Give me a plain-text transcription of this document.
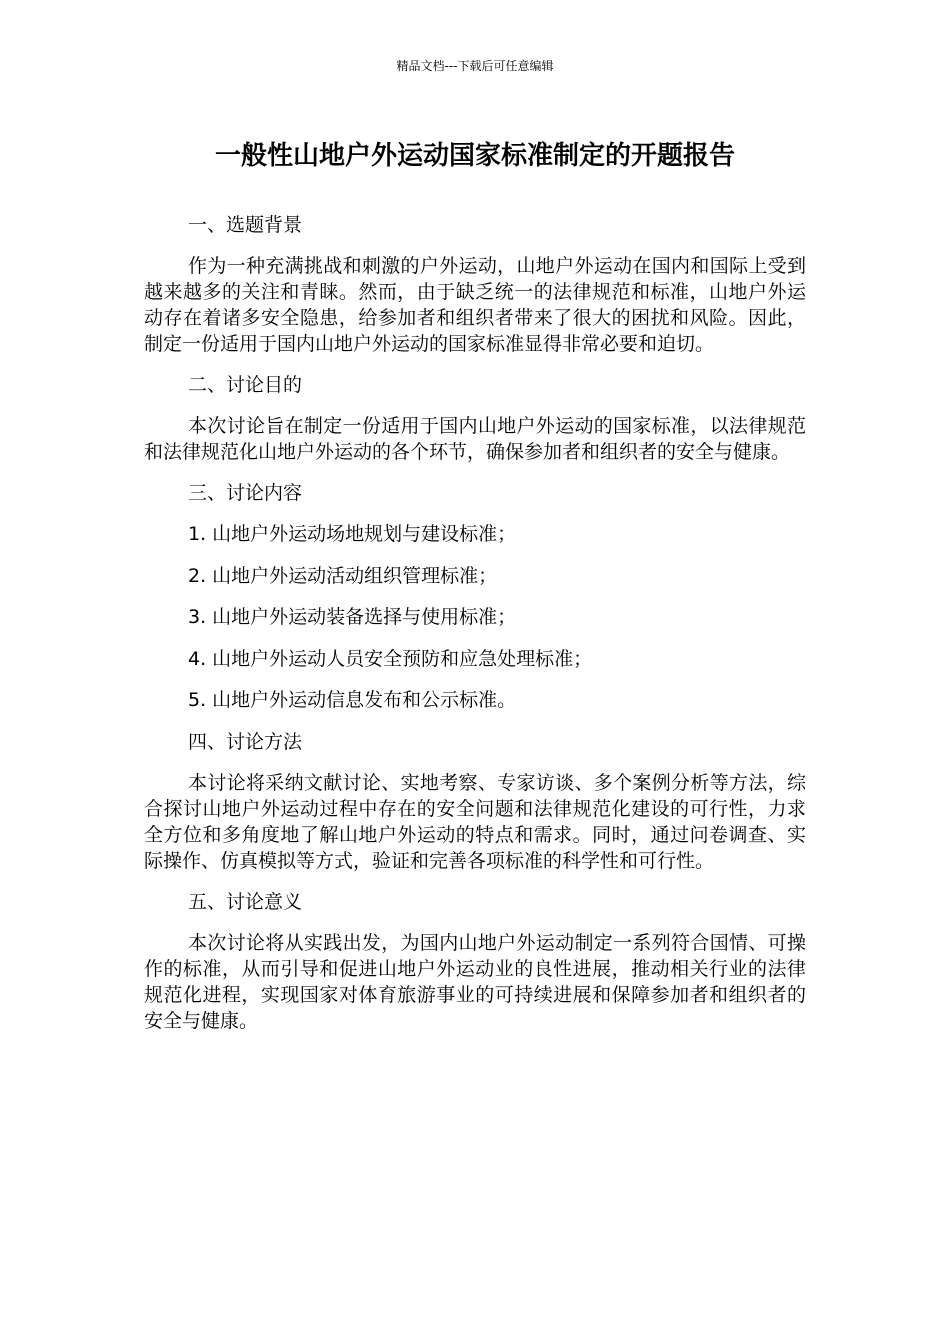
精品文档---下载后可任意编辑
一般性山地户外运动国家标准制定的开题报告

一、选题背景

作为一种充满挑战和刺激的户外运动，山地户外运动在国内和国际上受到越来越多的关注和青睐。然而，由于缺乏统一的法律规范和标准，山地户外运动存在着诸多安全隐患，给参加者和组织者带来了很大的困扰和风险。因此，制定一份适用于国内山地户外运动的国家标准显得非常必要和迫切。

二、讨论目的

本次讨论旨在制定一份适用于国内山地户外运动的国家标准，以法律规范和法律规范化山地户外运动的各个环节，确保参加者和组织者的安全与健康。

三、讨论内容

1. 山地户外运动场地规划与建设标准；

2. 山地户外运动活动组织管理标准；

3. 山地户外运动装备选择与使用标准；

4. 山地户外运动人员安全预防和应急处理标准；

5. 山地户外运动信息发布和公示标准。

四、讨论方法

本讨论将采纳文献讨论、实地考察、专家访谈、多个案例分析等方法，综合探讨山地户外运动过程中存在的安全问题和法律规范化建设的可行性，力求全方位和多角度地了解山地户外运动的特点和需求。同时，通过问卷调查、实际操作、仿真模拟等方式，验证和完善各项标准的科学性和可行性。

五、讨论意义

本次讨论将从实践出发，为国内山地户外运动制定一系列符合国情、可操作的标准，从而引导和促进山地户外运动业的良性进展，推动相关行业的法律规范化进程，实现国家对体育旅游事业的可持续进展和保障参加者和组织者的安全与健康。
